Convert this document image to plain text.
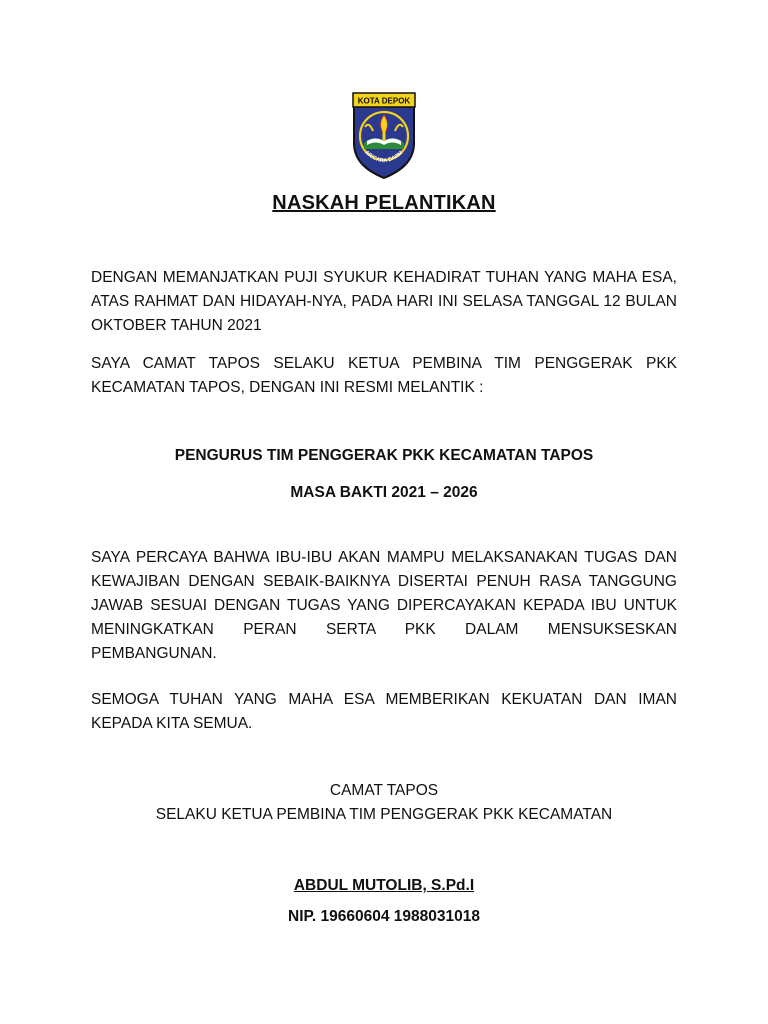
KOTA DEPOK
ARICARA DARM
NASKAH PELANTIKAN
DENGAN MEMANJATKAN PUJI SYUKUR KEHADIRAT TUHAN YANG MAHA ESA, ATAS RAHMAT DAN HIDAYAH-NYA, PADA HARI INI SELASA TANGGAL 12 BULAN OKTOBER TAHUN 2021
SAYA CAMAT TAPOS SELAKU KETUA PEMBINA TIM PENGGERAK PKK KECAMATAN TAPOS, DENGAN INI RESMI MELANTIK :
PENGURUS TIM PENGGERAK PKK KECAMATAN TAPOS
MASA BAKTI 2021 – 2026
SAYA PERCAYA BAHWA IBU-IBU AKAN MAMPU MELAKSANAKAN TUGAS DAN KEWAJIBAN DENGAN SEBAIK-BAIKNYA DISERTAI PENUH RASA TANGGUNG JAWAB SESUAI DENGAN TUGAS YANG DIPERCAYAKAN KEPADA IBU UNTUK MENINGKATKAN PERAN SERTA PKK DALAM MENSUKSESKAN PEMBANGUNAN.
SEMOGA TUHAN YANG MAHA ESA MEMBERIKAN KEKUATAN DAN IMAN KEPADA KITA SEMUA.
CAMAT TAPOS
SELAKU KETUA PEMBINA TIM PENGGERAK PKK KECAMATAN
ABDUL MUTOLIB, S.Pd.I
NIP. 19660604 1988031018
